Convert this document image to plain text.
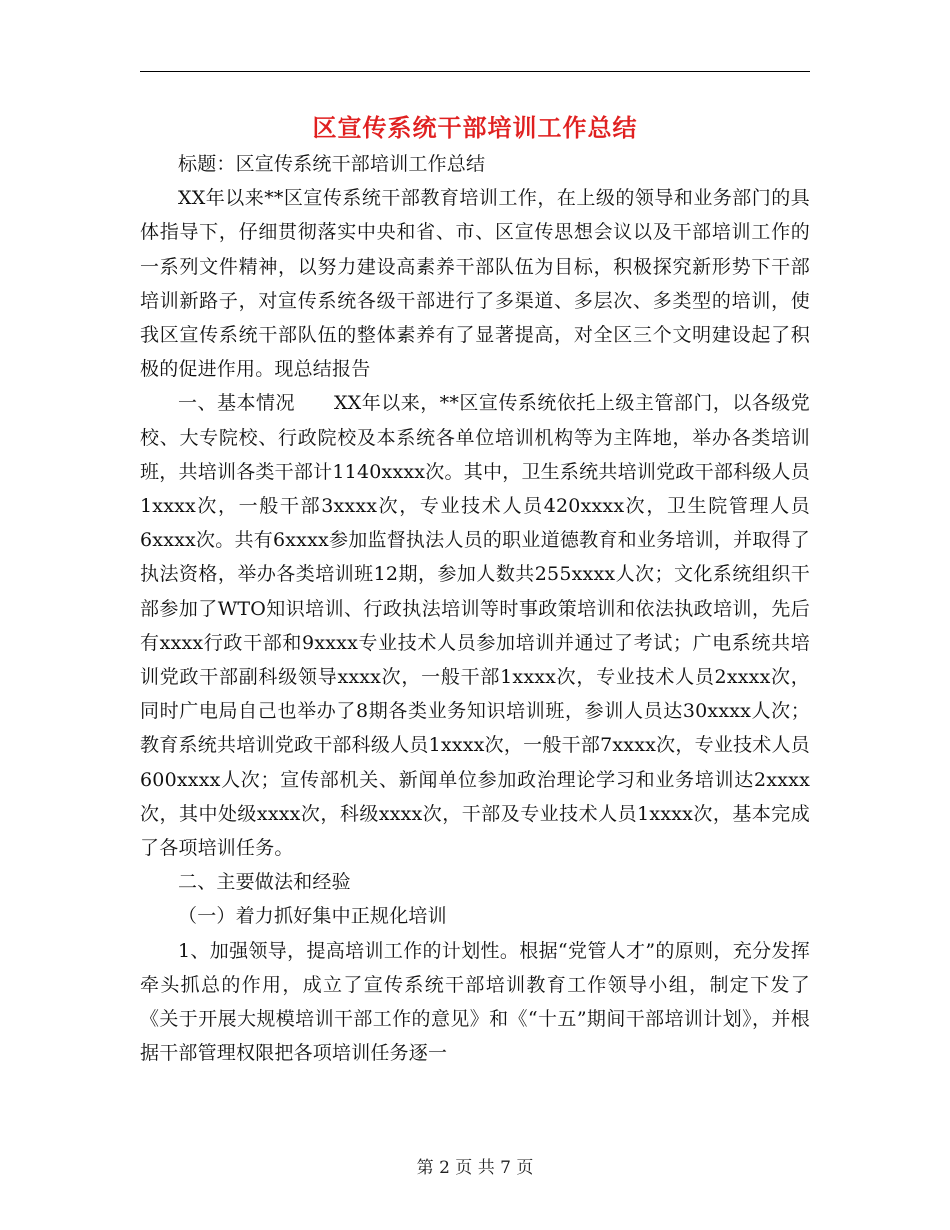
区宣传系统干部培训工作总结

标题：区宣传系统干部培训工作总结

XX年以来**区宣传系统干部教育培训工作，在上级的领导和业务部门的具体指导下，仔细贯彻落实中央和省、市、区宣传思想会议以及干部培训工作的一系列文件精神，以努力建设高素养干部队伍为目标，积极探究新形势下干部培训新路子，对宣传系统各级干部进行了多渠道、多层次、多类型的培训，使我区宣传系统干部队伍的整体素养有了显著提高，对全区三个文明建设起了积极的促进作用。现总结报告

一、基本情况　　XX年以来，**区宣传系统依托上级主管部门，以各级党校、大专院校、行政院校及本系统各单位培训机构等为主阵地，举办各类培训班，共培训各类干部计1140xxxx次。其中，卫生系统共培训党政干部科级人员1xxxx次，一般干部3xxxx次，专业技术人员420xxxx次，卫生院管理人员6xxxx次。共有6xxxx参加监督执法人员的职业道德教育和业务培训，并取得了执法资格，举办各类培训班12期，参加人数共255xxxx人次；文化系统组织干部参加了WTO知识培训、行政执法培训等时事政策培训和依法执政培训，先后有xxxx行政干部和9xxxx专业技术人员参加培训并通过了考试；广电系统共培训党政干部副科级领导xxxx次，一般干部1xxxx次，专业技术人员2xxxx次，同时广电局自己也举办了8期各类业务知识培训班，参训人员达30xxxx人次；教育系统共培训党政干部科级人员1xxxx次，一般干部7xxxx次，专业技术人员600xxxx人次；宣传部机关、新闻单位参加政治理论学习和业务培训达2xxxx次，其中处级xxxx次，科级xxxx次，干部及专业技术人员1xxxx次，基本完成了各项培训任务。

二、主要做法和经验

（一）着力抓好集中正规化培训

1、加强领导，提高培训工作的计划性。根据“党管人才”的原则，充分发挥牵头抓总的作用，成立了宣传系统干部培训教育工作领导小组，制定下发了《关于开展大规模培训干部工作的意见》和《“十五”期间干部培训计划》，并根据干部管理权限把各项培训任务逐一

第 2 页 共 7 页
